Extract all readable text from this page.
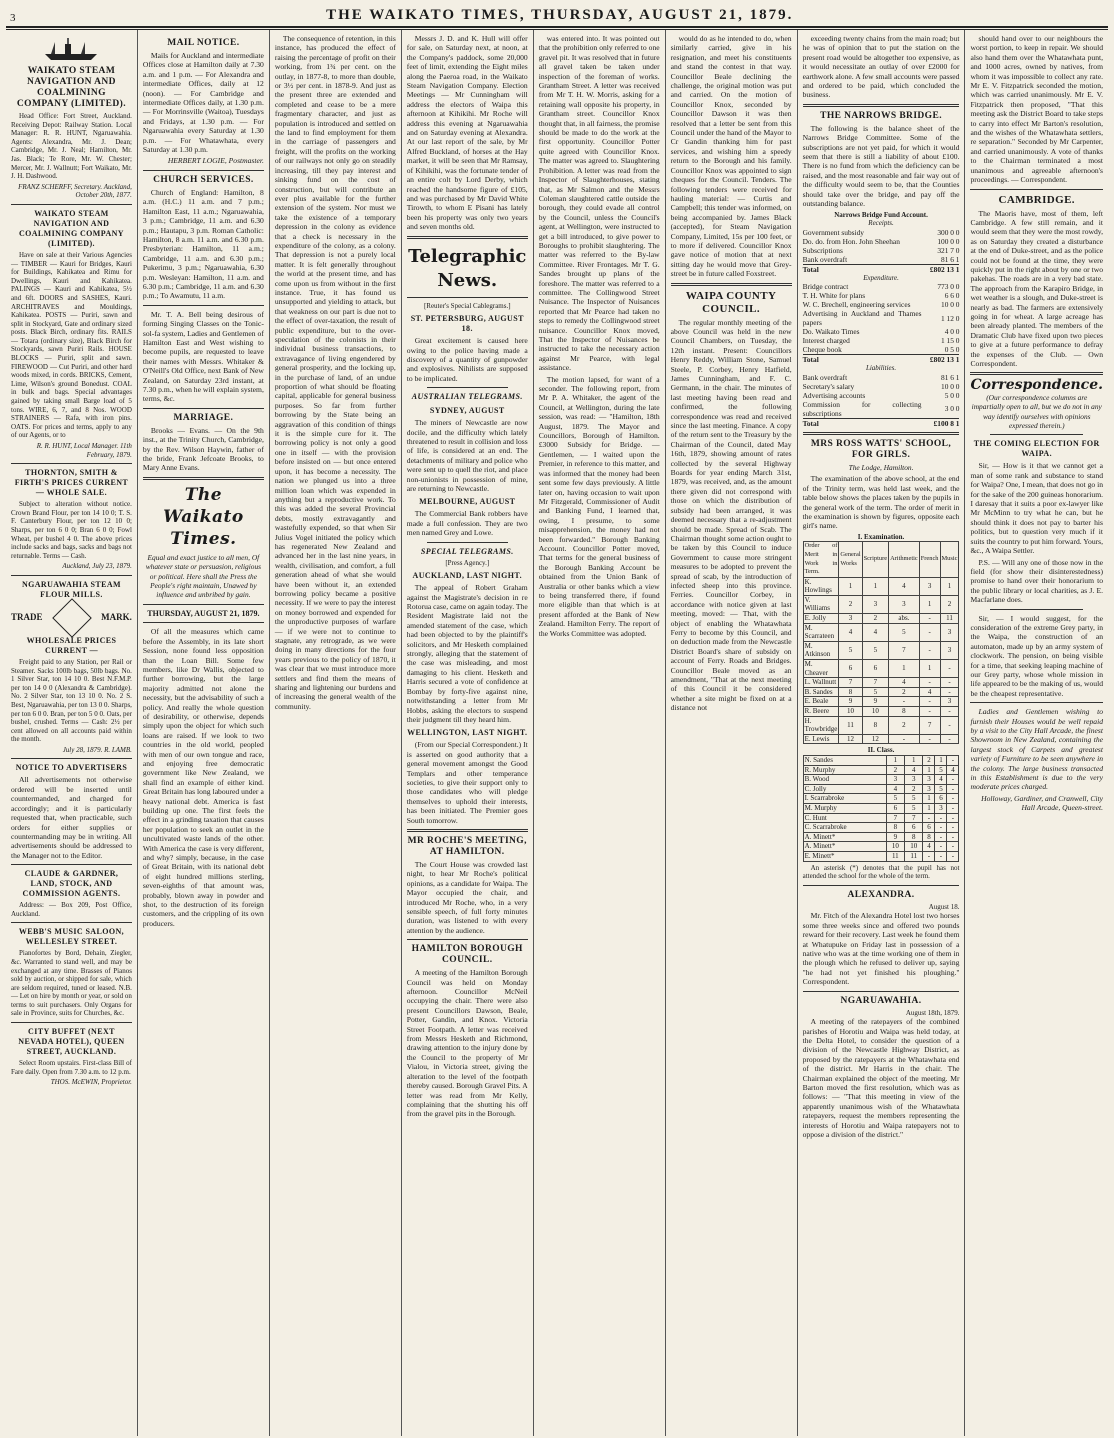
3	THE WAIKATO TIMES, THURSDAY, AUGUST 21, 1879.
WAIKATO STEAM NAVIGATION AND COALMINING COMPANY (LIMITED).
Head Office: Fort Street, Auckland. Receiving Depot: Railway Station. Local Manager: R. R. HUNT, Ngaruawahia. Agents: Alexandra, Mr. J. Dean; Cambridge, Mr. J. Neal; Hamilton, Mr. Jas. Black; Te Rore, Mr. W. Chester; Mercer, Mr. J. Wallnutt; Fort Waikato, Mr. J. H. Dashwood.
FRANZ SCHERFF, Secretary. Auckland, October 20th, 1877.
WAIKATO STEAM NAVIGATION AND COALMINING COMPANY (LIMITED).
Have on sale at their Various Agencies — TIMBER — Kauri for Bridges, Kauri for Buildings, Kahikatea and Rimu for Dwellings, Kauri and Kahikatea. PALINGS — Kauri and Kahikatea, 5½ and 6ft. DOORS and SASHES, Kauri. ARCHITRAVES and Mouldings, Kahikatea. POSTS — Puriri, sawn and split in Stockyard, Gate and ordinary sized posts. Black Birch, ordinary fits. RAILS — Totara (ordinary size), Black Birch for Stockyards, sawn Puriri Rails. HOUSE BLOCKS — Puriri, split and sawn. FIREWOOD — Cut Puriri, and other hard woods mixed, in cords. BRICKS, Cement, Lime, Wilson's ground Bonedust. COAL in bulk and bags. Special advantages gained by taking small Barge load of 5 tons. WIRE, 6, 7, and 8 Nos. WOOD STRAINERS — Rafa, with iron pins. OATS. For prices and terms, apply to any of our Agents, or to
R. R. HUNT, Local Manager. 11th February, 1879.
THORNTON, SMITH & FIRTH'S PRICES CURRENT — WHOLE SALE.
Subject to alteration without notice. Crown Brand Flour, per ton 14 10 0; T. S. F. Canterbury Flour, per ton 12 10 0; Sharps, per ton 6 0 0; Bran 6 0 0; Fowl Wheat, per bushel 4 0. The above prices include sacks and bags, sacks and bags not returnable. Terms — Cash.
Auckland, July 23, 1879.
NGARUAWAHIA STEAM FLOUR MILLS.
TRADE	MARK.
WHOLESALE PRICES CURRENT —
Freight paid to any Station, per Rail or Steamer. Sacks 100lb bags, 50lb bags. No. 1 Silver Star, ton 14 10 0. Best N.F.M.P. per ton 14 0 0 (Alexandra & Cambridge). No. 2 Silver Star, ton 13 10 0. No. 2 S. Best, Ngaruawahia, per ton 13 0 0. Sharps, per ton 6 0 0. Bran, per ton 5 0 0. Oats, per bushel, crushed. Terms — Cash: 2½ per cent allowed on all accounts paid within the month.
July 28, 1879. R. LAMB.
NOTICE TO ADVERTISERS
All advertisements not otherwise ordered will be inserted until countermanded, and charged for accordingly; and it is particularly requested that, when practicable, such orders for either supplies or countermanding may be in writing. All advertisements should be addressed to the Manager not to the Editor.
CLAUDE & GARDNER, LAND, STOCK, AND COMMISSION AGENTS.
Address: — Box 209, Post Office, Auckland.
WEBB'S MUSIC SALOON, WELLESLEY STREET.
Pianofortes by Bord, Dehain, Ziegler, &c. Warranted to stand well, and may be exchanged at any time. Brasses of Pianos sold by auction, or shipped for sale, which are seldom required, tuned or leased. N.B. — Let on hire by month or year, or sold on terms to suit purchasers. Only Organs for sale in Province, suits for Churches, &c.
CITY BUFFET (NEXT NEVADA HOTEL), QUEEN STREET, AUCKLAND.
Select Room upstairs. First-class Bill of Fare daily. Open from 7.30 a.m. to 12 p.m.
THOS. McEWIN, Proprietor.
MAIL NOTICE.
Mails for Auckland and intermediate Offices close at Hamilton daily at 7.30 a.m. and 1 p.m. — For Alexandra and intermediate Offices, daily at 12 (noon). — For Cambridge and intermediate Offices daily, at 1.30 p.m. — For Morrinsville (Waitoa), Tuesdays and Fridays, at 1.30 p.m. — For Ngaruawahia every Saturday at 1.30 p.m. — For Whatawhata, every Saturday at 1.30 p.m.
HERBERT LOGIE, Postmaster.
CHURCH SERVICES.
Church of England: Hamilton, 8 a.m. (H.C.) 11 a.m. and 7 p.m.; Hamilton East, 11 a.m.; Ngaruawahia, 3 p.m.; Cambridge, 11 a.m. and 6.30 p.m.; Hautapu, 3 p.m. Roman Catholic: Hamilton, 8 a.m. 11 a.m. and 6.30 p.m. Presbyterian: Hamilton, 11 a.m.; Cambridge, 11 a.m. and 6.30 p.m.; Pukerimu, 3 p.m.; Ngaruawahia, 6.30 p.m. Wesleyan: Hamilton, 11 a.m. and 6.30 p.m.; Cambridge, 11 a.m. and 6.30 p.m.; To Awamutu, 11 a.m.
Mr. T. A. Bell being desirous of forming Singing Classes on the Tonic-sol-fa system, Ladies and Gentlemen of Hamilton East and West wishing to become pupils, are requested to leave their names with Messrs. Whitaker & O'Neill's Old Office, next Bank of New Zealand, on Saturday 23rd instant, at 7.30 p.m., when he will explain system, terms, &c.
MARRIAGE.
Brooks — Evans. — On the 9th inst., at the Trinity Church, Cambridge, by the Rev. Wilson Haywin, father of the bride, Frank Jefcoate Brooks, to Mary Anne Evans.
The Waikato Times.
Equal and exact justice to all men, Of whatever state or persuasion, religious or political. Here shall the Press the People's right maintain, Unawed by influence and unbribed by gain.
THURSDAY, AUGUST 21, 1879.
Of all the measures which came before the Assembly, in its late short Session, none found less opposition than the Loan Bill. Some few members, like Dr Wallis, objected to further borrowing, but the large majority admitted not alone the necessity, but the advisability of such a policy. And really the whole question of desirability, or otherwise, depends simply upon the object for which such loans are raised. If we look to two countries in the old world, peopled with men of our own tongue and race, and enjoying free democratic government like New Zealand, we shall find an example of either kind. Great Britain has long laboured under a heavy national debt. America is fast building up one. The first feels the effect in a grinding taxation that causes her population to seek an outlet in the uncultivated waste lands of the other. With America the case is very different, and why? simply, because, in the case of Great Britain, with its national debt of eight hundred millions sterling, seven-eighths of that amount was, probably, blown away in powder and shot, to the destruction of its foreign customers, and the crippling of its own producers.
The consequence of retention, in this instance, has produced the effect of raising the percentage of profit on their working, from 1¾ per cent. on the outlay, in 1877-8, to more than double, or 3½ per cent. in 1878-9. And just as the present three are extended and completed and cease to be a mere fragmentary character, and just as population is introduced and settled on the land to find employment for them in the carriage of passengers and freight, will the profits on the working of our railways not only go on steadily increasing, till they pay interest and sinking fund on the cost of construction, but will contribute an ever plus available for the further extension of the system. Nor must we take the existence of a temporary depression in the colony as evidence that a check is necessary in the expenditure of the colony, as a colony. That depression is not a purely local matter. It is felt generally throughout the world at the present time, and has come upon us from without in the first instance. True, it has found us unsupported and yielding to attack, but that weakness on our part is due not to the effect of over-taxation, the result of public expenditure, but to the over-speculation of the colonists in their individual business transactions, to extravagance of living engendered by general prosperity, and the locking up, in the purchase of land, of an undue proportion of what should be floating capital, applicable for general business purposes. So far from further borrowing by the State being an aggravation of this condition of things it is the simple cure for it. The borrowing policy is not only a good one in itself — with the provision before insisted on — but once entered upon, it has become a necessity. The nation we plunged us into a three million loan which was expended in anything but a reproductive work. To this was added the several Provincial debts, mostly extravagantly and wastefully expended, so that when Sir Julius Vogel initiated the policy which has regenerated New Zealand and advanced her in the last nine years, in wealth, civilisation, and comfort, a full generation ahead of what she would have been without it, an extended borrowing policy became a positive necessity. If we were to pay the interest on money borrowed and expended for the unproductive purposes of warfare — if we were not to continue to stagnate, any retrograde, as we were doing in many directions for the four years previous to the policy of 1870, it was clear that we must introduce more settlers and find them the means of sharing and lightening our burdens and of increasing the general wealth of the community.
Messrs J. D. and K. Hull will offer for sale, on Saturday next, at noon, at the Company's paddock, some 20,000 feet of limit, extending the Eight miles along the Paeroa road, in the Waikato Steam Navigation Company. Election Meetings — Mr Cunningham will address the electors of Waipa this afternoon at Kihikihi. Mr Roche will address this evening at Ngaruawahia and on Saturday evening at Alexandra. At our last report of the sale, by Mr Alfred Buckland, of horses at the Hay market, it will be seen that Mr Ramsay, of Kihikihi, was the fortunate tender of an entire colt by Lord Derby, which reached the handsome figure of £105, and was purchased by Mr David White Tirowth, to whom E Pisani has lately been his property was only two years and seven months old.
Telegraphic News.
[Reuter's Special Cablegrams.]
ST. PETERSBURG, AUGUST 18.
Great excitement is caused here owing to the police having made a discovery of a quantity of gunpowder and explosives. Nihilists are supposed to be implicated.
AUSTRALIAN TELEGRAMS.
SYDNEY, AUGUST
The miners of Newcastle are now docile, and the difficulty which lately threatened to result in collision and loss of life, is considered at an end. The detachments of military and police who were sent up to quell the riot, and place non-unionists in possession of mine, are returning to Newcastle.
MELBOURNE, AUGUST
The Commercial Bank robbers have made a full confession. They are two men named Grey and Lowe.
SPECIAL TELEGRAMS.
[Press Agency.]
AUCKLAND, LAST NIGHT.
The appeal of Robert Graham against the Magistrate's decision in re Rotorua case, came on again today. The Resident Magistrate laid not the amended statement of the case, which had been objected to by the plaintiff's solicitors, and Mr Hesketh complained strongly, alleging that the statement of the case was misleading, and most damaging to his client. Hesketh and Harris secured a vote of confidence at Bombay by forty-five against nine, notwithstanding a letter from Mr Hobbs, asking the electors to suspend their judgment till they heard him.
WELLINGTON, LAST NIGHT.
(From our Special Correspondent.) It is asserted on good authority that a general movement amongst the Good Templars and other temperance societies, to give their support only to those candidates who will pledge themselves to uphold their interests, has been initiated. The Premier goes South tomorrow.
MR ROCHE'S MEETING, AT HAMILTON.
The Court House was crowded last night, to hear Mr Roche's political opinions, as a candidate for Waipa. The Mayor occupied the chair, and introduced Mr Roche, who, in a very sensible speech, of full forty minutes duration, was listened to with every attention by the audience.
HAMILTON BOROUGH COUNCIL.
A meeting of the Hamilton Borough Council was held on Monday afternoon. Councillor McNeil occupying the chair. There were also present Councillors Dawson, Beale, Potter, Gandin, and Knox. Victoria Street Footpath. A letter was received from Messrs Hesketh and Richmond, drawing attention to the injury done by the Council to the property of Mr Vialou, in Victoria street, giving the alteration to the level of the footpath thereby caused. Borough Gravel Pits. A letter was read from Mr Kelly, complaining that the shutting his off from the gravel pits in the Borough.
was entered into. It was pointed out that the prohibition only referred to one gravel pit. It was resolved that in future all gravel taken be taken under inspection of the foreman of works. Grantham Street. A letter was received from Mr T. H. W. Morris, asking for a retaining wall opposite his property, in Grantham street. Councillor Knox thought that, in all fairness, the promise should be made to do the work at the first opportunity. Councillor Potter quite agreed with Councillor Knox. The matter was agreed to. Slaughtering Prohibition. A letter was read from the Inspector of Slaughterhouses, stating that, as Mr Salmon and the Messrs Coleman slaughtered cattle outside the borough, they could evade all control by the Council, unless the Council's agent, at Wellington, were instructed to get a bill introduced, to give power to Boroughs to prohibit slaughtering. The matter was referred to the By-law Committee. River Frontages. Mr T. G. Sandes brought up plans of the foreshore. The matter was referred to a committee. The Collingwood Street Nuisance. The Inspector of Nuisances reported that Mr Pearce had taken no steps to remedy the Collingwood street nuisance. Councillor Knox moved, That the Inspector of Nuisances be instructed to take the necessary action against Mr Pearce, with legal assistance.
The motion lapsed, for want of a seconder. The following report, from Mr P. A. Whitaker, the agent of the Council, at Wellington, during the late session, was read: — "Hamilton, 18th August, 1879. The Mayor and Councillors, Borough of Hamilton. £3000 Subsidy for Bridge. — Gentlemen, — I waited upon the Premier, in reference to this matter, and was informed that the money had been sent some few days previously. A little later on, having occasion to wait upon Mr Fitzgerald, Commissioner of Audit and Banking Fund, I learned that, owing, I presume, to some misapprehension, the money had not been forwarded." Borough Banking Account. Councillor Potter moved, That terms for the general business of the Borough Banking Account be obtained from the Union Bank of Australia or other banks which a view to being transferred there, if found more eligible than that which is at present afforded at the Bank of New Zealand. Hamilton Ferry. The report of the Works Committee was adopted.
would do as he intended to do, when similarly carried, give in his resignation, and meet his constituents and stand the contest in that way. Councillor Beale declining the challenge, the original motion was put and carried. On the motion of Councillor Knox, seconded by Councillor Dawson it was then resolved that a letter be sent from this Council under the hand of the Mayor to Cr Gandin thanking him for past services, and wishing him a speedy return to the Borough and his family. Councillor Knox was appointed to sign cheques for the Council. Tenders. The following tenders were received for hauling material: — Curtis and Campbell; this tender was informed, on being accompanied by. James Black (accepted), for Steam Navigation Company, Limited, 15s per 100 feet, or to more if delivered. Councillor Knox gave notice of motion that at next sitting day he would move that Grey-street be in future called Foxstreet.
WAIPA COUNTY COUNCIL.
The regular monthly meeting of the above Council was held in the new Council Chambers, on Tuesday, the 12th instant. Present: Councillors Henry Reddy, William Stone, Samuel Steele, P. Corbey, Henry Hatfield, James Cunningham, and F. C. Germann, in the chair. The minutes of last meeting having been read and confirmed, the following correspondence was read and received since the last meeting. Finance. A copy of the return sent to the Treasury by the Chairman of the Council, dated May 16th, 1879, showing amount of rates collected by the several Highway Boards for year ending March 31st, 1879, was received, and, as the amount there given did not correspond with those on which the distribution of subsidy had been arranged, it was deemed necessary that a re-adjustment should be made. Spread of Scab. The Chairman thought some action ought to be taken by this Council to induce Government to cause more stringent measures to be adopted to prevent the spread of scab, by the introduction of infected sheep into this province. Ferries. Councillor Corbey, in accordance with notice given at last meeting, moved: — That, with the object of enabling the Whatawhata Ferry to become by this Council, and on deduction made from the Newcastle District Board's share of subsidy on account of Ferry. Roads and Bridges. Councillor Beale moved as an amendment, "That at the next meeting of this Council it be considered whether a site might be fixed on at a distance not
exceeding twenty chains from the main road; but he was of opinion that to put the station on the present road would be altogether too expensive, as it would necessitate an outlay of over £2000 for earthwork alone. A few small accounts were passed and ordered to be paid, which concluded the business.
THE NARROWS BRIDGE.
The following is the balance sheet of the Narrows Bridge Committee. Some of the subscriptions are not yet paid, for which it would seem that there is still a liability of about £100. There is no fund from which the deficiency can be raised, and the most reasonable and fair way out of the difficulty would seem to be, that the Counties should take over the bridge, and pay off the outstanding balance.
Narrows Bridge Fund Account.
Receipts.
Government subsidy	300 0 0
Do. do. from Hon. John Sheehan	100 0 0
Subscriptions	321 7 0
Bank overdraft	81 6 1
Total	£802 13 1
Expenditure.
Bridge contract	773 0 0
T. H. White for plans	6 6 0
W. C. Brechell, engineering services	10 0 0
Advertising in Auckland and Thames papers	1 12 0
Do. Waikato Times	4 0 0
Interest charged	1 15 0
Cheque book	0 5 0
Total	£802 13 1
Liabilities.
Bank overdraft	81 6 1
Secretary's salary	10 0 0
Advertising accounts	5 0 0
Commission for collecting subscriptions	3 0 0
Total	£100 8 1
MRS ROSS WATTS' SCHOOL, FOR GIRLS.
The Lodge, Hamilton.
The examination of the above school, at the end of the Trinity term, was held last week, and the table below shows the places taken by the pupils in the general work of the term. The order of merit in the examination is shown by figures, opposite each girl's name.
I. Examination.
Order of Merit in Work in Term.	General Works	Scripture	Arithmetic	French	Music
K. Howlings	1	1	4	3	1
V. Williams	2	3	3	1	2
E. Jolly	3	2	abs.	-	11
M. Scarrateen	4	4	5	-	3
M. Atkinson	5	5	7	-	3
M. Cheaver	6	6	1	1	-
L. Wallnutt	7	7	4	-	-
B. Sandes	8	5	2	4	-
E. Beale	9	9	-	-	3
R. Beere	10	10	8	-	-
H. Trowbridge	11	8	2	7	-
E. Lewis	12	12	-	-	-
II. Class.
N. Sandes	1	1	2	1	-
R. Murphy	2	4	1	5	4
B. Wood	3	3	3	4	-
C. Jolly	4	2	3	5	-
I. Scarrabroke	5	5	1	6	-
M. Murphy	6	5	1	3	-
C. Hunt	7	7	-	-	-
C. Scarrabroke	8	6	6	-	-
A. Minett*	9	8	8	-	-
A. Minett*	10	10	4	-	-
E. Minett*	11	11	-	-	-
An asterisk (*) denotes that the pupil has not attended the school for the whole of the term.
ALEXANDRA.
August 18.
Mr. Fitch of the Alexandra Hotel lost two horses some three weeks since and offered two pounds reward for their recovery. Last week he found them at Whatupuke on Friday last in possession of a native who was at the time working one of them in the plough which he refused to deliver up, saying "he had not yet finished his ploughing." Correspondent.
NGARUAWAHIA.
August 18th, 1879.
A meeting of the ratepayers of the combined parishes of Horotiu and Waipa was held today, at the Delta Hotel, to consider the question of a division of the Newcastle Highway District, as proposed by the ratepayers at the Whatawhata end of the district. Mr Harris in the chair. The Chairman explained the object of the meeting. Mr Barton moved the first resolution, which was as follows: — "That this meeting in view of the apparently unanimous wish of the Whatawhata ratepayers, request the members representing the interests of Horotiu and Waipa ratepayers not to oppose a division of the district."
should hand over to our neighbours the worst portion, to keep in repair. We should also hand them over the Whatawhata punt, and 1000 acres, owned by natives, from whom it was impossible to collect any rate. Mr E. V. Fitzpatrick seconded the motion, which was carried unanimously. Mr E. V. Fitzpatrick then proposed, "That this meeting ask the District Board to take steps to carry into effect Mr Barton's resolution, and the wishes of the Whatawhata settlers, re separation." Seconded by Mr Carpenter, and carried unanimously. A vote of thanks to the Chairman terminated a most unanimous and agreeable afternoon's proceedings. — Correspondent.
CAMBRIDGE.
The Maoris have, most of them, left Cambridge. A few still remain, and it would seem that they were the most rowdy, as on Saturday they created a disturbance at the end of Duke-street, and as the police could not be found at the time, they were quickly put in the right about by one or two pakehas. The roads are in a very bad state. The approach from the Karapiro Bridge, in wet weather is a slough, and Duke-street is nearly as bad. The farmers are extensively going in for wheat. A large acreage has been already planted. The members of the Dramatic Club have fixed upon two pieces to give at a future performance to defray the expenses of the Club. — Own Correspondent.
Correspondence.
(Our correspondence columns are impartially open to all, but we do not in any way identify ourselves with opinions expressed therein.)
THE COMING ELECTION FOR WAIPA.
Sir, — How is it that we cannot get a man of some rank and substance to stand for Waipa? One, I mean, that does not go in for the sake of the 200 guineas honorarium. I daresay that it suits a poor ex-lawyer like Mr McMinn to try what he can, but he should think it does not pay to barter his politics, but to question very much if it suits the country to put him forward. Yours, &c., A Waipa Settler.
P.S. — Will any one of those now in the field (for show their disinterestedness) promise to hand over their honorarium to the public library or local charities, as J. E. Macfarlane does.
Sir, — I would suggest, for the consideration of the extreme Grey party, in the Waipa, the construction of an automaton, made up by an army system of clockwork. The pension, on being visible for a time, that seeking leaping machine of our Grey party, whose whole mission in life appeared to be the making of us, would be the cheapest representative.
Ladies and Gentlemen wishing to furnish their Houses would be well repaid by a visit to the City Hall Arcade, the finest Showroom in New Zealand, containing the largest stock of Carpets and greatest variety of Furniture to be seen anywhere in the colony. The large business transacted in this Establishment is due to the very moderate prices charged.
Holloway, Gardiner, and Cranwell, City Hall Arcade, Queen-street.
